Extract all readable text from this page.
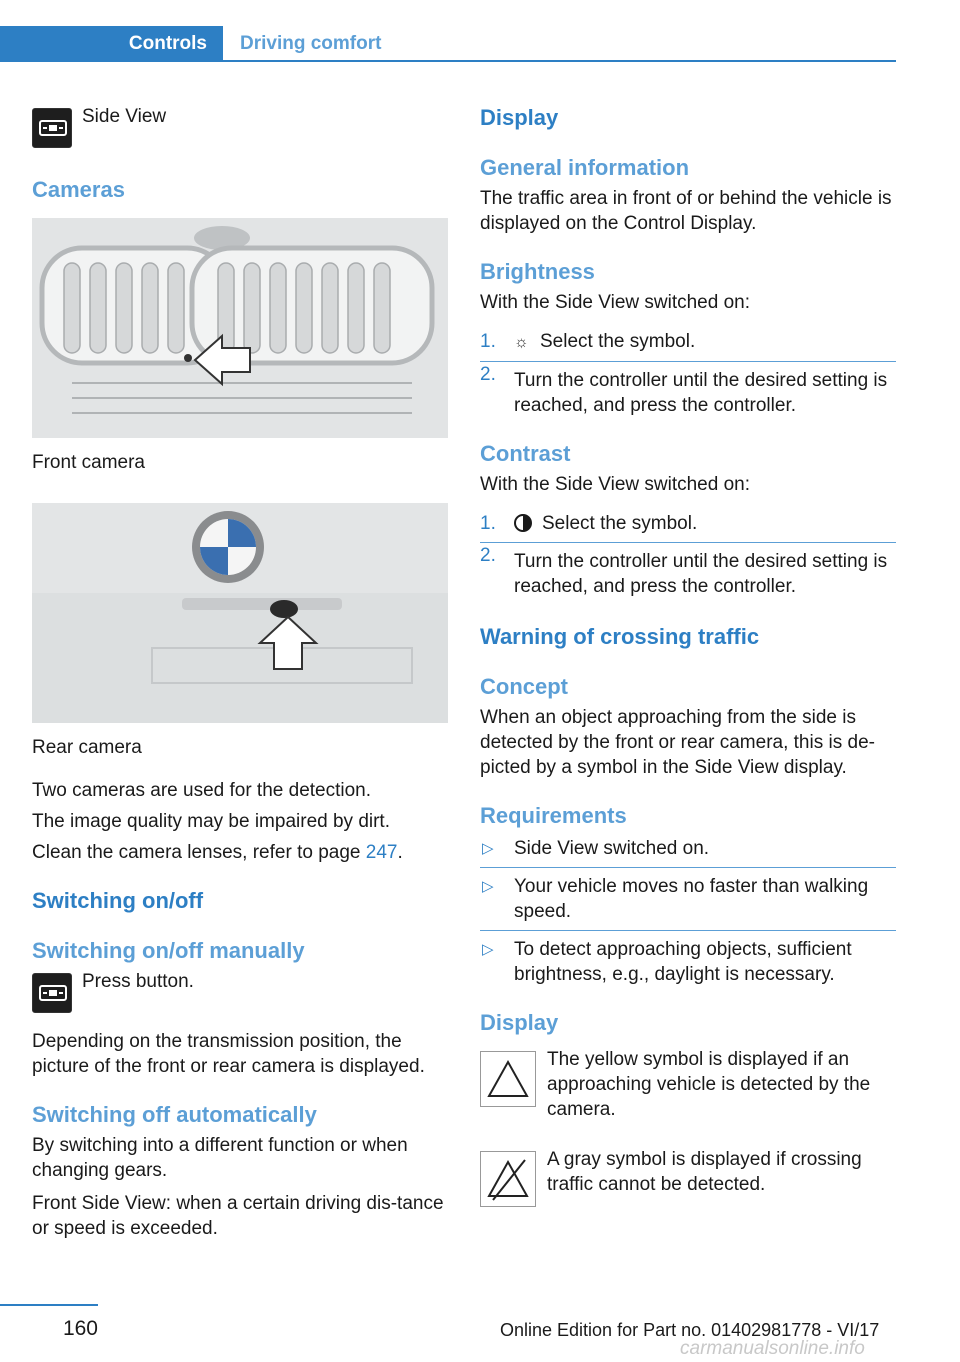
Controls	Driving comfort
Side View
Cameras
Front camera
Rear camera

Two cameras are used for the detection.

The image quality may be impaired by dirt.

Clean the camera lenses, refer to page 247.

Switching on/off
Switching on/off manually
Press button.

Depending on the transmission position, the picture of the front or rear camera is displayed.

Switching off automatically

By switching into a different function or when changing gears.

Front Side View: when a certain driving dis‐tance or speed is exceeded.

Display
General information

The traffic area in front of or behind the vehicle is displayed on the Control Display.

Brightness

With the Side View switched on:

1. ☼ Select the symbol.
2. Turn the controller until the desired setting is reached, and press the controller.
Contrast

With the Side View switched on:

1. Select the symbol.
2. Turn the controller until the desired setting is reached, and press the controller.
Warning of crossing traffic
Concept

When an object approaching from the side is detected by the front or rear camera, this is de‐picted by a symbol in the Side View display.

Requirements
▷ Side View switched on.
▷ Your vehicle moves no faster than walking speed.
▷ To detect approaching objects, sufficient brightness, e.g., daylight is necessary.
Display

The yellow symbol is displayed if an approaching vehicle is detected by the camera.

A gray symbol is displayed if crossing traffic cannot be detected.

160	Online Edition for Part no. 01402981778 - VI/17
carmanualsonline.info
